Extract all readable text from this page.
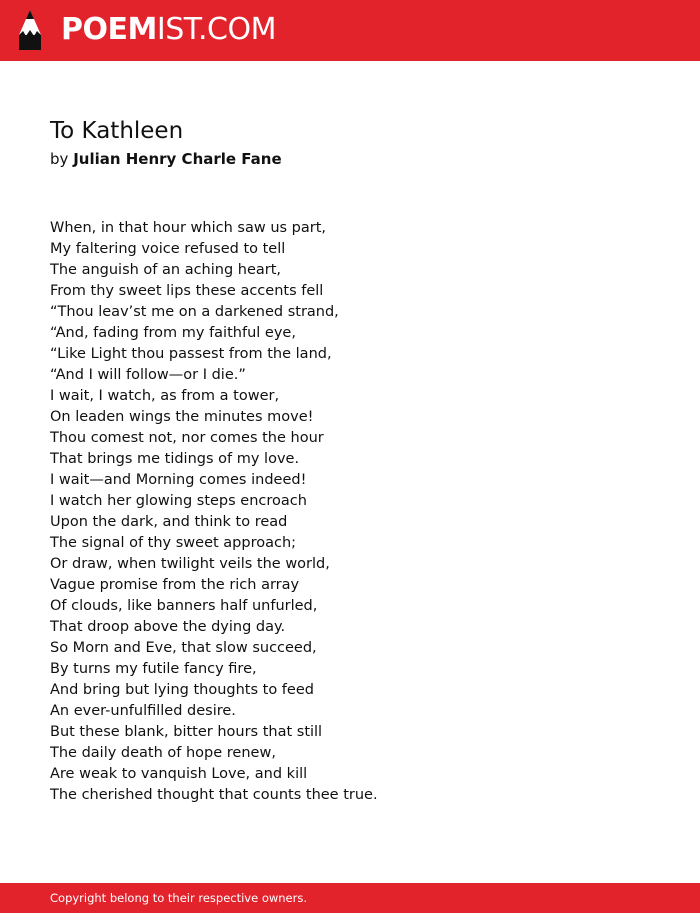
POEMIST.COM
To Kathleen
by Julian Henry Charle Fane
When, in that hour which saw us part,
My faltering voice refused to tell
The anguish of an aching heart,
From thy sweet lips these accents fell
“Thou leav’st me on a darkened strand,
“And, fading from my faithful eye,
“Like Light thou passest from the land,
“And I will follow—or I die.”
I wait, I watch, as from a tower,
On leaden wings the minutes move!
Thou comest not, nor comes the hour
That brings me tidings of my love.
I wait—and Morning comes indeed!
I watch her glowing steps encroach
Upon the dark, and think to read
The signal of thy sweet approach;
Or draw, when twilight veils the world,
Vague promise from the rich array
Of clouds, like banners half unfurled,
That droop above the dying day.
So Morn and Eve, that slow succeed,
By turns my futile fancy fire,
And bring but lying thoughts to feed
An ever-unfulfilled desire.
But these blank, bitter hours that still
The daily death of hope renew,
Are weak to vanquish Love, and kill
The cherished thought that counts thee true.
Copyright belong to their respective owners.
